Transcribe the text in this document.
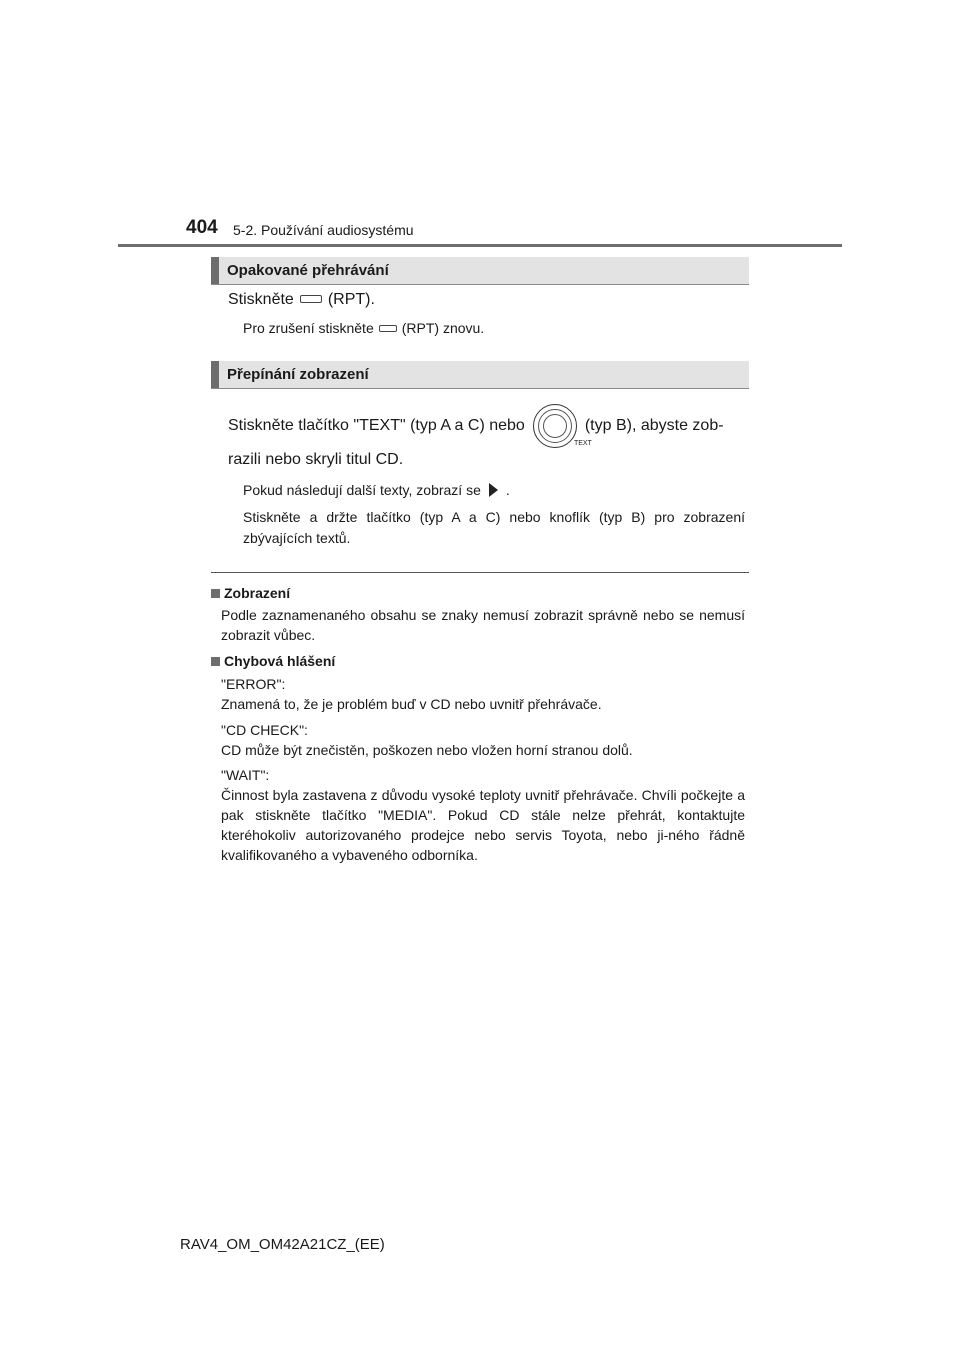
404 5-2. Používání audiosystému
Opakované přehrávání
Stiskněte (RPT).
Pro zrušení stiskněte (RPT) znovu.
Přepínání zobrazení
Stiskněte tlačítko "TEXT" (typ A a C) nebo
TEXT
(typ B), abyste zob-
razili nebo skryli titul CD.
Pokud následují další texty, zobrazí se .
Stiskněte a držte tlačítko (typ A a C) nebo knoflík (typ B) pro zobrazení zbývajících textů.
Zobrazení
Podle zaznamenaného obsahu se znaky nemusí zobrazit správně nebo se nemusí zobrazit vůbec.
Chybová hlášení
"ERROR":
Znamená to, že je problém buď v CD nebo uvnitř přehrávače.
"CD CHECK":
CD může být znečistěn, poškozen nebo vložen horní stranou dolů.
"WAIT":
Činnost byla zastavena z důvodu vysoké teploty uvnitř přehrávače. Chvíli počkejte a pak stiskněte tlačítko "MEDIA". Pokud CD stále nelze přehrát, kontaktujte kteréhokoliv autorizovaného prodejce nebo servis Toyota, nebo ji-ného řádně kvalifikovaného a vybaveného odborníka.
RAV4_OM_OM42A21CZ_(EE)
